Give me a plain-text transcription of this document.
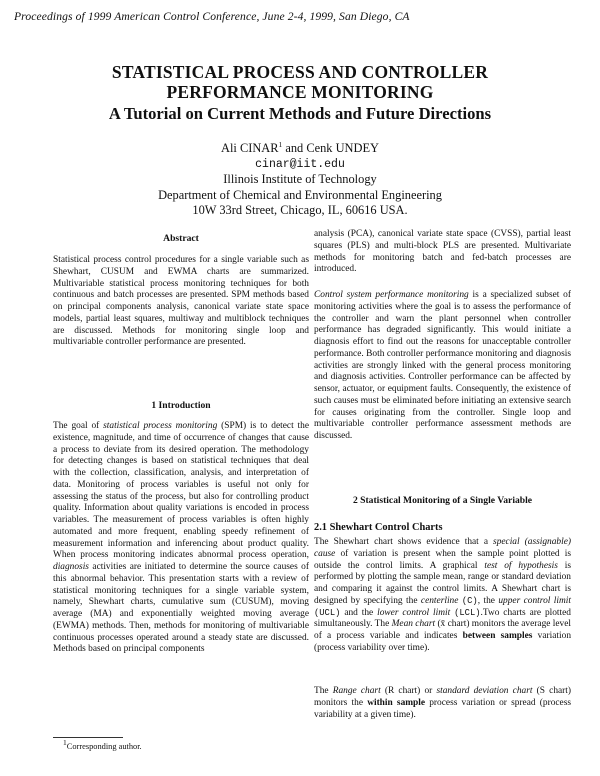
Proceedings of 1999 American Control Conference, June 2-4, 1999, San Diego, CA
STATISTICAL PROCESS AND CONTROLLER
PERFORMANCE MONITORING
A Tutorial on Current Methods and Future Directions
Ali CINAR$^1$ and Cenk UNDEY
cinar@iit.edu
Illinois Institute of Technology
Department of Chemical and Environmental Engineering
10W 33rd Street, Chicago, IL, 60616 USA.
Abstract

Statistical process control procedures for a single variable such as Shewhart, CUSUM and EWMA charts are summarized. Multivariable statistical process monitoring techniques for both continuous and batch processes are presented. SPM methods based on principal components analysis, canonical variate state space models, partial least squares, multiway and multiblock techniques are discussed. Methods for monitoring single loop and multivariable controller performance are presented.

1 Introduction

The goal of statistical process monitoring (SPM) is to detect the existence, magnitude, and time of occurrence of changes that cause a process to deviate from its desired operation. The methodology for detecting changes is based on statistical techniques that deal with the collection, classification, analysis, and interpretation of data. Monitoring of process variables is useful not only for assessing the status of the process, but also for controlling product quality. Information about quality variations is encoded in process variables. The measurement of process variables is often highly automated and more frequent, enabling speedy refinement of measurement information and inferencing about product quality. When process monitoring indicates abnormal process operation, diagnosis activities are initiated to determine the source causes of this abnormal behavior. This presentation starts with a review of statistical monitoring techniques for a single variable system, namely, Shewhart charts, cumulative sum (CUSUM), moving average (MA) and exponentially weighted moving average (EWMA) methods. Then, methods for monitoring of multivariable continuous processes operated around a steady state are discussed. Methods based on principal components

analysis (PCA), canonical variate state space (CVSS), partial least squares (PLS) and multi-block PLS are presented. Multivariate methods for monitoring batch and fed-batch processes are introduced.

Control system performance monitoring is a specialized subset of monitoring activities where the goal is to assess the performance of the controller and warn the plant personnel when controller performance has degraded significantly. This would initiate a diagnosis effort to find out the reasons for unacceptable controller performance. Both controller performance monitoring and diagnosis activities are strongly linked with the general process monitoring and diagnosis activities. Controller performance can be affected by sensor, actuator, or equipment faults. Consequently, the existence of such causes must be eliminated before initiating an extensive search for causes originating from the controller. Single loop and multivariable controller performance assessment methods are discussed.

2 Statistical Monitoring of a Single Variable
2.1 Shewhart Control Charts

The Shewhart chart shows evidence that a special (assignable) cause of variation is present when the sample point plotted is outside the control limits. A graphical test of hypothesis is performed by plotting the sample mean, range or standard deviation and comparing it against the control limits. A Shewhart chart is designed by specifying the centerline (C), the upper control limit (UCL) and the lower control limit (LCL).Two charts are plotted simultaneously. The Mean chart (x̄ chart) monitors the average level of a process variable and indicates between samples variation (process variability over time).

The Range chart (R chart) or standard deviation chart (S chart) monitors the within sample process variation or spread (process variability at a given time).

$^1$Corresponding author.
